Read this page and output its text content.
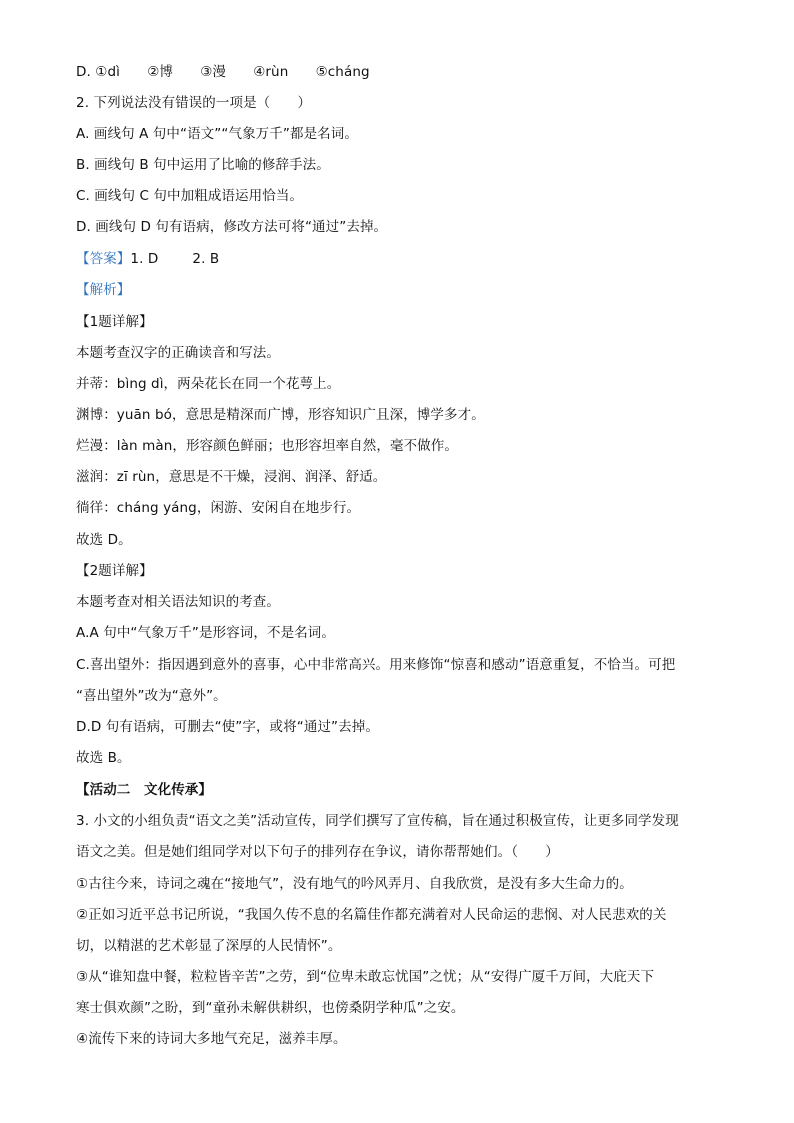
D. ①dì　　②博　　③漫　　④rùn　　⑤cháng
2. 下列说法没有错误的一项是（　　）
A. 画线句 A 句中“语文”“气象万千”都是名词。
B. 画线句 B 句中运用了比喻的修辞手法。
C. 画线句 C 句中加粗成语运用恰当。
D. 画线句 D 句有语病，修改方法可将“通过”去掉。
【答案】1. D	2. B
【解析】
【1题详解】
本题考查汉字的正确读音和写法。
并蒂：bìng dì，两朵花长在同一个花萼上。
渊博：yuān bó，意思是精深而广博，形容知识广且深，博学多才。
烂漫：làn màn，形容颜色鲜丽；也形容坦率自然，毫不做作。
滋润：zī rùn，意思是不干燥，浸润、润泽、舒适。
徜徉：cháng yáng，闲游、安闲自在地步行。
故选 D。
【2题详解】
本题考查对相关语法知识的考查。
A.A 句中“气象万千”是形容词，不是名词。
C.喜出望外：指因遇到意外的喜事，心中非常高兴。用来修饰“惊喜和感动”语意重复，不恰当。可把
“喜出望外”改为“意外”。
D.D 句有语病，可删去“使”字，或将“通过”去掉。
故选 B。
【活动二　文化传承】
3. 小文的小组负责“语文之美”活动宣传，同学们撰写了宣传稿，旨在通过积极宣传，让更多同学发现
语文之美。但是她们组同学对以下句子的排列存在争议，请你帮帮她们。（　　）
①古往今来，诗词之魂在“接地气”，没有地气的吟风弄月、自我欣赏，是没有多大生命力的。
②正如习近平总书记所说，“我国久传不息的名篇佳作都充满着对人民命运的悲悯、对人民悲欢的关
切，以精湛的艺术彰显了深厚的人民情怀”。
③从“谁知盘中餐，粒粒皆辛苦”之劳，到“位卑未敢忘忧国”之忧；从“安得广厦千万间，大庇天下
寒士俱欢颜”之盼，到“童孙未解供耕织，也傍桑阴学种瓜”之安。
④流传下来的诗词大多地气充足，滋养丰厚。
